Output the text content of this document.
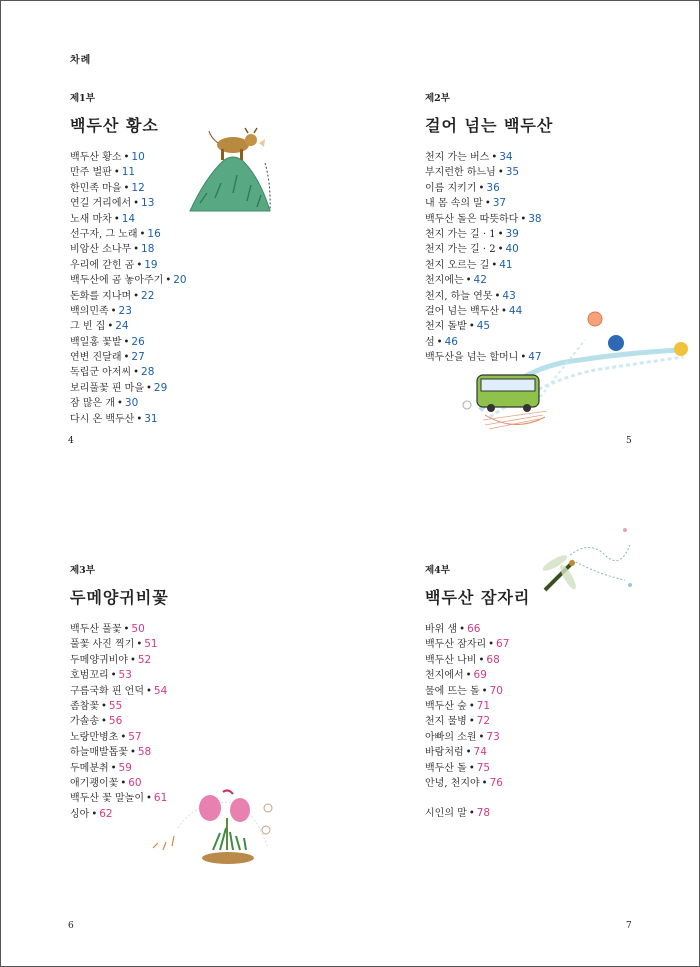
차례
제1부
백두산 황소
백두산 황소 • 10
만주 벌판 • 11
한민족 마을 • 12
연길 거리에서 • 13
노새 마차 • 14
선구자, 그 노래 • 16
비암산 소나무 • 18
우리에 갇힌 곰 • 19
백두산에 곰 놓아주기 • 20
돈화를 지나며 • 22
백의민족 • 23
그 빈 집 • 24
백일홍 꽃밭 • 26
연변 진달래 • 27
독립군 아저씨 • 28
보리풀꽃 핀 마을 • 29
잠 많은 개 • 30
다시 온 백두산 • 31
제2부
걸어 넘는 백두산
천지 가는 버스 • 34
부지런한 하느님 • 35
이름 지키기 • 36
내 몸 속의 말 • 37
백두산 돌은 따뜻하다 • 38
천지 가는 길 · 1 • 39
천지 가는 길 · 2 • 40
천지 오르는 길 • 41
천지에는 • 42
천지, 하늘 연못 • 43
걸어 넘는 백두산 • 44
천지 돌밭 • 45
섬 • 46
백두산을 넘는 할머니 • 47
제3부
두메양귀비꽃
백두산 풀꽃 • 50
풀꽃 사진 찍기 • 51
두메양귀비야 • 52
호범꼬리 • 53
구름국화 핀 언덕 • 54
좀참꽃 • 55
가솔송 • 56
노랑만병초 • 57
하늘매발톱꽃 • 58
두메분취 • 59
애기괭이꽃 • 60
백두산 꽃 말놀이 • 61
싱아 • 62
제4부
백두산 잠자리
바위 샘 • 66
백두산 잠자리 • 67
백두산 나비 • 68
천지에서 • 69
물에 뜨는 돌 • 70
백두산 숲 • 71
천지 물병 • 72
아빠의 소원 • 73
바람처럼 • 74
백두산 돌 • 75
안녕, 천지야 • 76
시인의 말 • 78
4	5
6	7
